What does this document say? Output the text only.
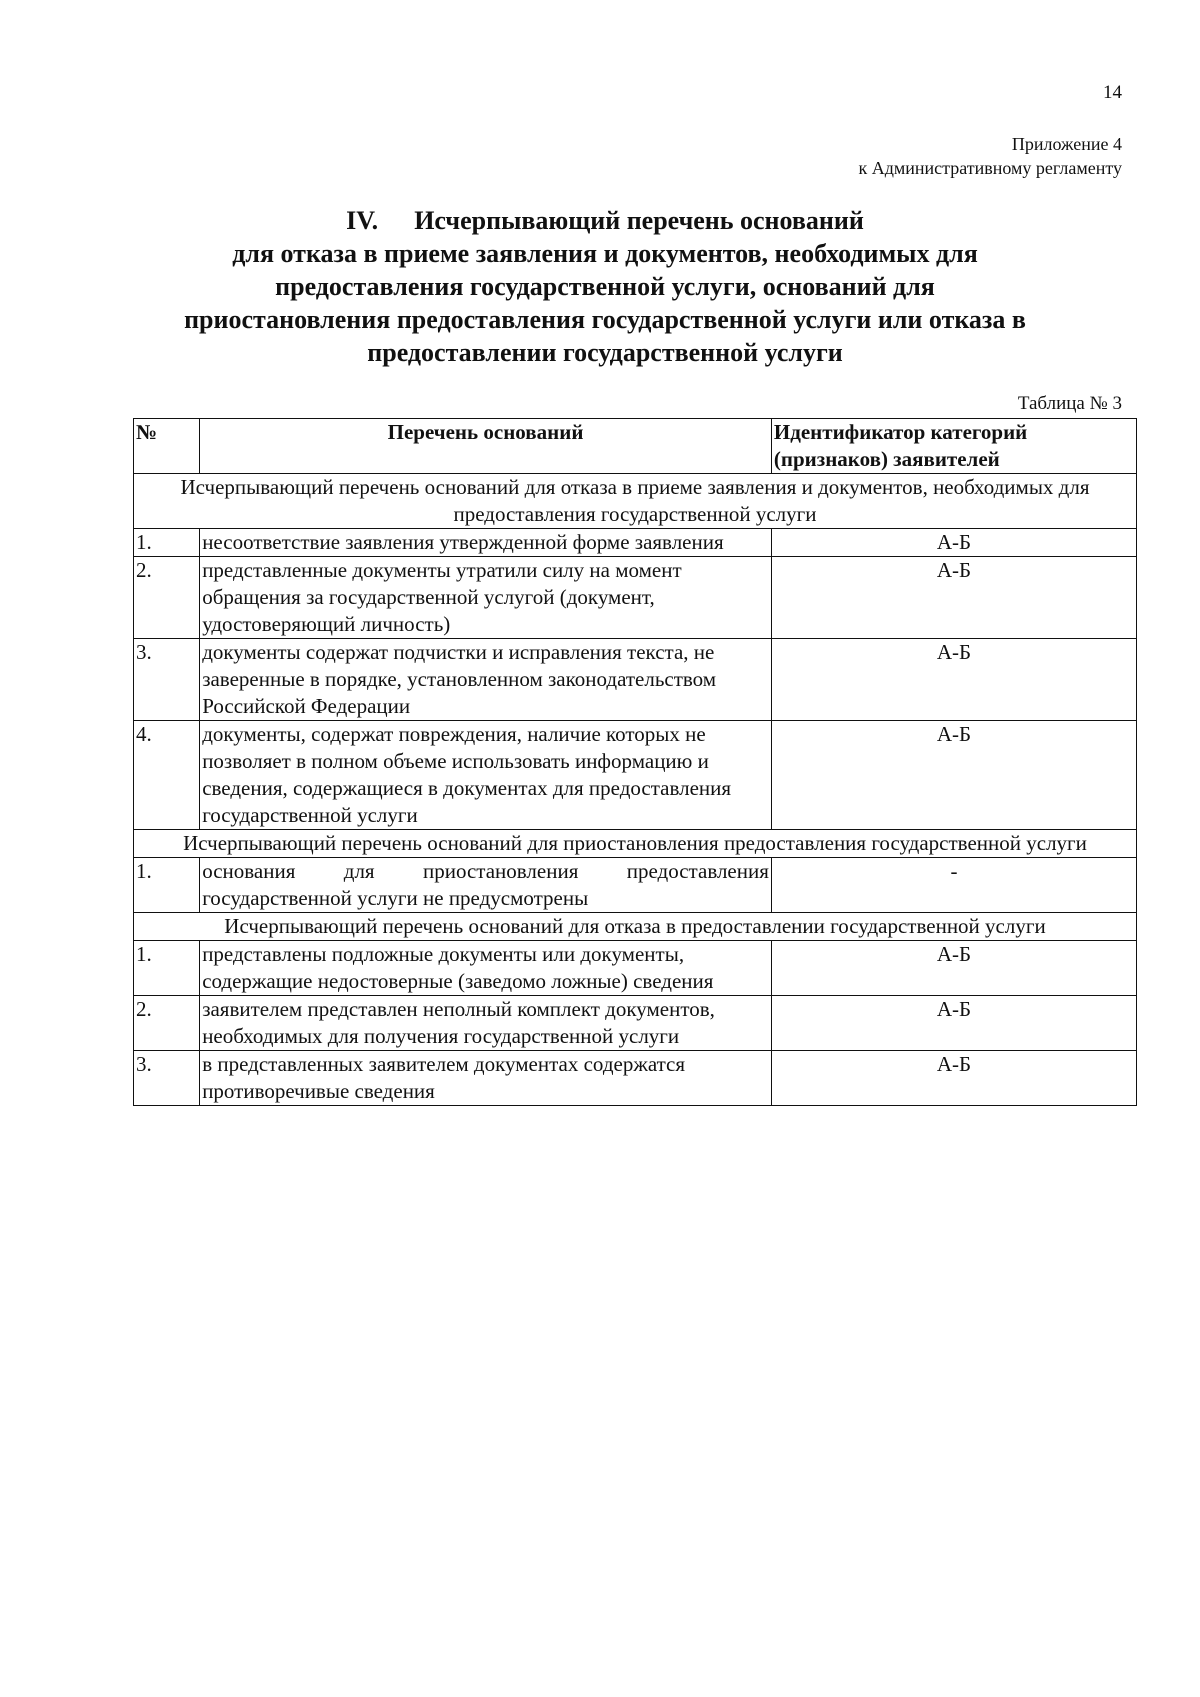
14
Приложение 4
к Административному регламенту
IV. Исчерпывающий перечень оснований
для отказа в приеме заявления и документов, необходимых для
предоставления государственной услуги, оснований для
приостановления предоставления государственной услуги или отказа в
предоставлении государственной услуги
Таблица № 3
№	Перечень оснований	Идентификатор категорий (признаков) заявителей
Исчерпывающий перечень оснований для отказа в приеме заявления и документов, необходимых для предоставления государственной услуги		
1.	несоответствие заявления утвержденной форме заявления	А-Б
2.	представленные документы утратили силу на момент обращения за государственной услугой (документ, удостоверяющий личность)	А-Б
3.	документы содержат подчистки и исправления текста, не заверенные в порядке, установленном законодательством Российской Федерации	А-Б
4.	документы, содержат повреждения, наличие которых не позволяет в полном объеме использовать информацию и сведения, содержащиеся в документах для предоставления государственной услуги	А-Б
Исчерпывающий перечень оснований для приостановления предоставления государственной услуги		
1.	основания для приостановления предоставления государственной услуги не предусмотрены	-
Исчерпывающий перечень оснований для отказа в предоставлении государственной услуги		
1.	представлены подложные документы или документы, содержащие недостоверные (заведомо ложные) сведения	А-Б
2.	заявителем представлен неполный комплект документов, необходимых для получения государственной услуги	А-Б
3.	в представленных заявителем документах содержатся противоречивые сведения	А-Б
